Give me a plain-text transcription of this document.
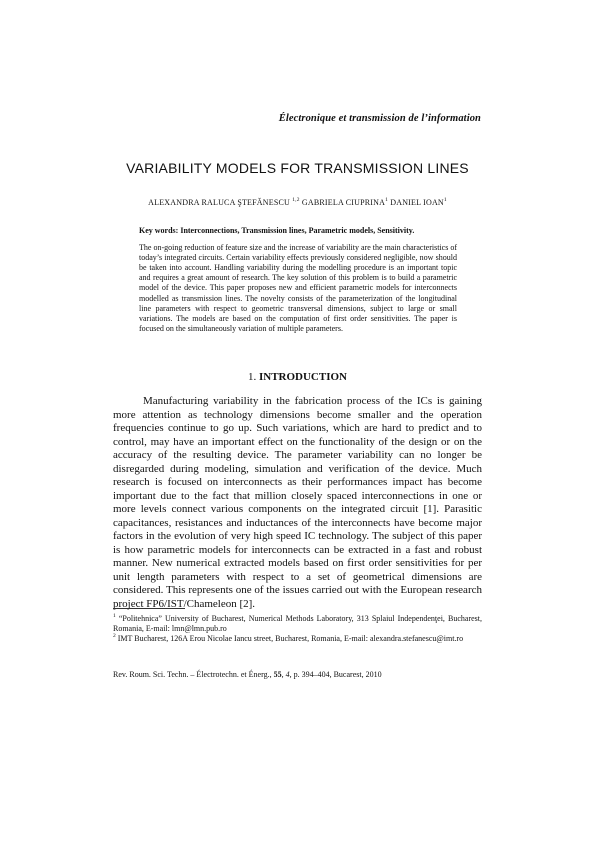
Électronique et transmission de l’information
VARIABILITY MODELS FOR TRANSMISSION LINES
ALEXANDRA RALUCA ŞTEFĂNESCU $^{1,2}$ GABRIELA CIUPRINA$^1$ DANIEL IOAN$^1$

Key words: Interconnections, Transmission lines, Parametric models, Sensitivity.

The on-going reduction of feature size and the increase of variability are the main characteristics of today’s integrated circuits. Certain variability effects previously considered negligible, now should be taken into account. Handling variability during the modelling procedure is an important topic and requires a great amount of research. The key solution of this problem is to build a parametric model of the device. This paper proposes new and efficient parametric models for interconnects modelled as transmission lines. The novelty consists of the parameterization of the longitudinal line parameters with respect to geometric transversal dimensions, subject to large or small variations. The models are based on the computation of first order sensitivities. The paper is focused on the simultaneously variation of multiple parameters.

1. INTRODUCTION

Manufacturing variability in the fabrication process of the ICs is gaining more attention as technology dimensions become smaller and the operation frequencies continue to go up. Such variations, which are hard to predict and to control, may have an important effect on the functionality of the design or on the accuracy of the resulting device. The parameter variability can no longer be disregarded during modeling, simulation and verification of the device. Much research is focused on interconnects as their performances impact has become important due to the fact that million closely spaced interconnections in one or more levels connect various components on the integrated circuit [1]. Parasitic capacitances, resistances and inductances of the interconnects have become major factors in the evolution of very high speed IC technology. The subject of this paper is how parametric models for interconnects can be extracted in a fast and robust manner. New numerical extracted models based on first order sensitivities for per unit length parameters with respect to a set of geometrical dimensions are considered. This represents one of the issues carried out with the European research project FP6/IST/Chameleon [2].

$^1$ “Politehnica” University of Bucharest, Numerical Methods Laboratory, 313 Splaiul Independenţei, Bucharest, Romania, E-mail: lmn@lmn.pub.ro

$^2$ IMT Bucharest, 126A Erou Nicolae Iancu street, Bucharest, Romania, E-mail: alexandra.stefanescu@imt.ro

Rev. Roum. Sci. Techn. – Électrotechn. et Énerg., 55, 4, p. 394–404, Bucarest, 2010
